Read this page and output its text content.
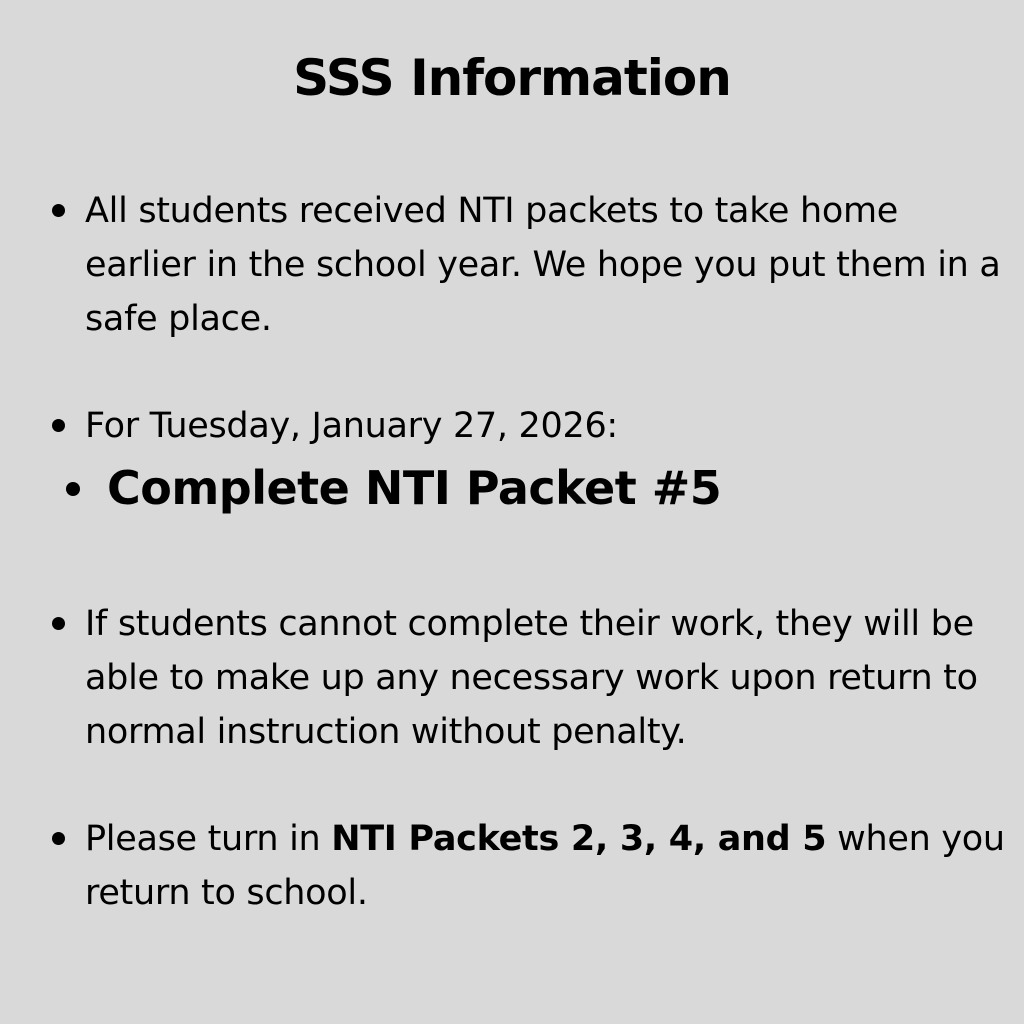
SSS Information
All students received NTI packets to take home earlier in the school year. We hope you put them in a safe place.
For Tuesday, January 27, 2026:
Complete NTI Packet #5
If students cannot complete their work, they will be able to make up any necessary work upon return to normal instruction without penalty.
Please turn in NTI Packets 2, 3, 4, and 5 when you return to school.
